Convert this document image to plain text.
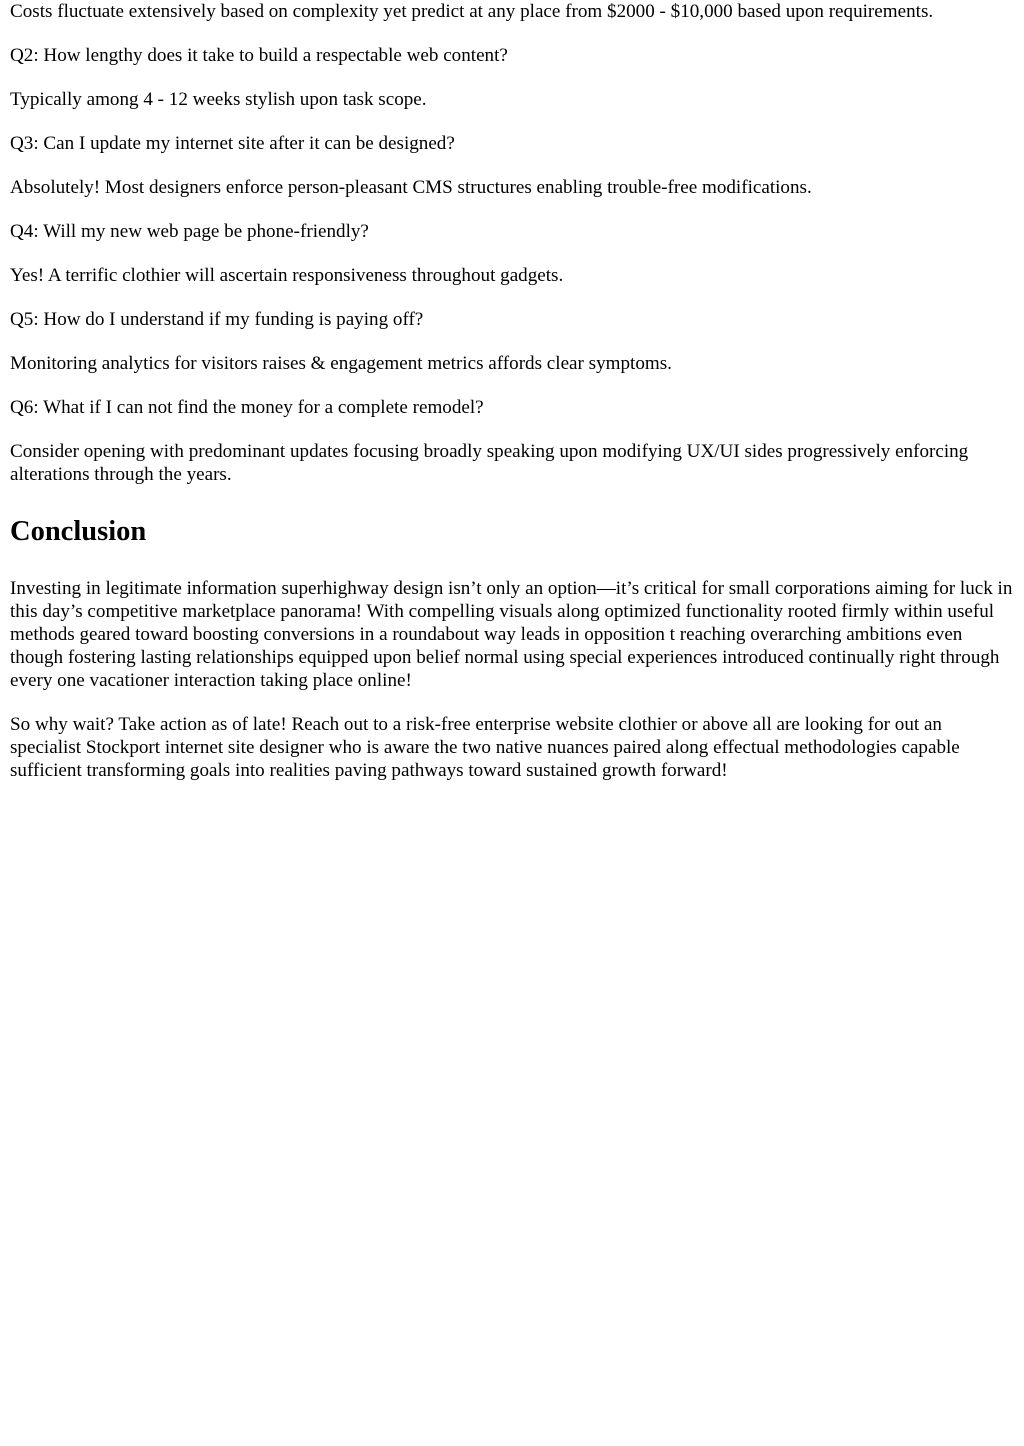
Costs fluctuate extensively based on complexity yet predict at any place from $2000 - $10,000 based upon requirements.

Q2: How lengthy does it take to build a respectable web content?

Typically among 4 - 12 weeks stylish upon task scope.

Q3: Can I update my internet site after it can be designed?

Absolutely! Most designers enforce person-pleasant CMS structures enabling trouble-free modifications.

Q4: Will my new web page be phone-friendly?

Yes! A terrific clothier will ascertain responsiveness throughout gadgets.

Q5: How do I understand if my funding is paying off?

Monitoring analytics for visitors raises & engagement metrics affords clear symptoms.

Q6: What if I can not find the money for a complete remodel?

Consider opening with predominant updates focusing broadly speaking upon modifying UX/UI sides progressively enforcing alterations through the years.

Conclusion

Investing in legitimate information superhighway design isn’t only an option—it’s critical for small corporations aiming for luck in this day’s competitive marketplace panorama! With compelling visuals along optimized functionality rooted firmly within useful methods geared toward boosting conversions in a roundabout way leads in opposition t reaching overarching ambitions even though fostering lasting relationships equipped upon belief normal using special experiences introduced continually right through every one vacationer interaction taking place online!

So why wait? Take action as of late! Reach out to a risk-free enterprise website clothier or above all are looking for out an specialist Stockport internet site designer who is aware the two native nuances paired along effectual methodologies capable sufficient transforming goals into realities paving pathways toward sustained growth forward!
